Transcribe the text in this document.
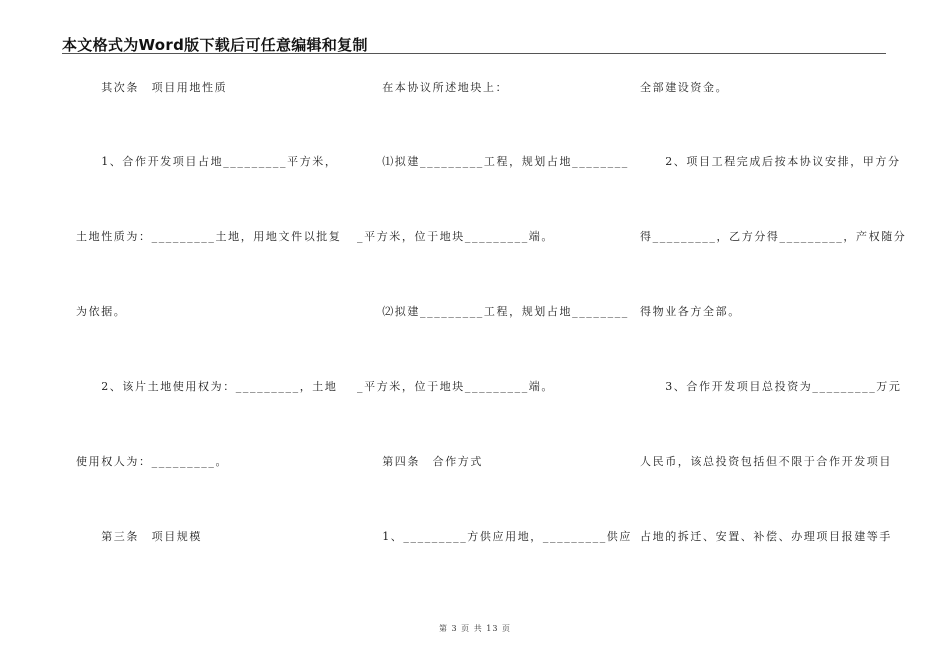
本文格式为Word版下载后可任意编辑和复制
　　其次条　项目用地性质
　　1、合作开发项目占地_________平方米，
土地性质为：_________土地，用地文件以批复
为依据。
　　2、该片土地使用权为：_________，土地
使用权人为：_________。
　　第三条　项目规模
　　在本协议所述地块上：
　　⑴拟建_________工程，规划占地________
_平方米，位于地块_________端。
　　⑵拟建_________工程，规划占地________
_平方米，位于地块_________端。
　　第四条　合作方式
　　1、_________方供应用地，_________供应
全部建设资金。
　　2、项目工程完成后按本协议安排，甲方分
得_________，乙方分得_________，产权随分
得物业各方全部。
　　3、合作开发项目总投资为_________万元
人民币，该总投资包括但不限于合作开发项目
占地的拆迁、安置、补偿、办理项目报建等手
第 3 页 共 13 页
